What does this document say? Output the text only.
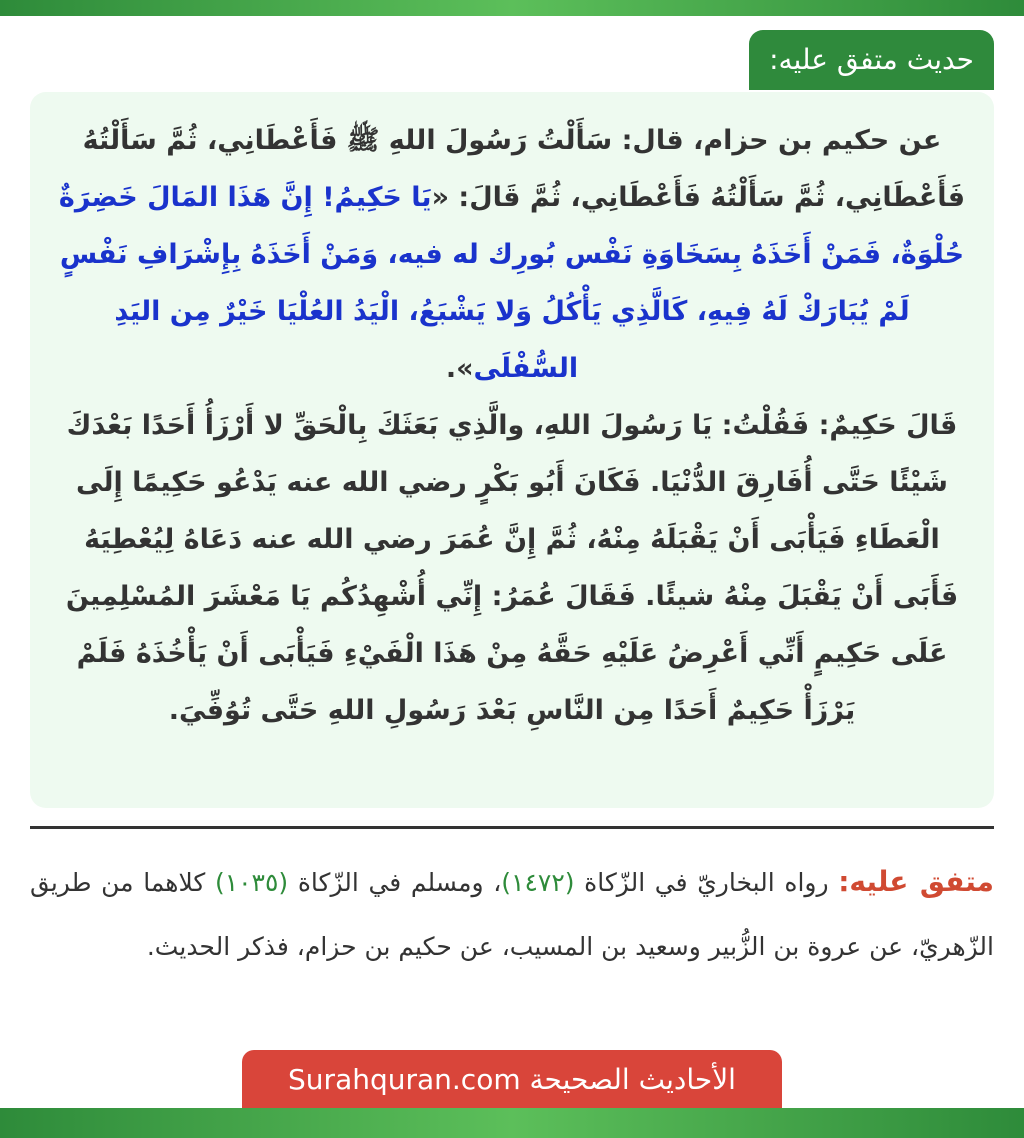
حديث متفق عليه:
عن حكيم بن حزام، قال: سَأَلْتُ رَسُولَ اللهِ ﷺ فَأَعْطَانِي، ثُمَّ سَأَلْتُهُ فَأَعْطَانِي، ثُمَّ سَأَلْتُهُ فَأَعْطَانِي، ثُمَّ قَالَ: «يَا حَكِيمُ! إِنَّ هَذَا المَالَ خَضِرَةٌ حُلْوَةٌ، فَمَنْ أَخَذَهُ بِسَخَاوَةِ نَفْس بُورِك له فيه، وَمَنْ أَخَذَهُ بِإِشْرَافِ نَفْسٍ لَمْ يُبَارَكْ لَهُ فِيهِ، كَالَّذِي يَأْكُلُ وَلا يَشْبَعُ، الْيَدُ العُلْيَا خَيْرٌ مِن اليَدِ السُّفْلَى».
قَالَ حَكِيمٌ: فَقُلْتُ: يَا رَسُولَ اللهِ، والَّذِي بَعَثَكَ بِالْحَقِّ لا أَرْزَأُ أَحَدًا بَعْدَكَ شَيْئًا حَتَّى أُفَارِقَ الدُّنْيَا. فَكَانَ أَبُو بَكْرٍ رضي الله عنه يَدْعُو حَكِيمًا إِلَى الْعَطَاءِ فَيَأْبَى أَنْ يَقْبَلَهُ مِنْهُ، ثُمَّ إِنَّ عُمَرَ رضي الله عنه دَعَاهُ لِيُعْطِيَهُ فَأَبَى أَنْ يَقْبَلَ مِنْهُ شيئًا. فَقَالَ عُمَرُ: إِنِّي أُشْهِدُكُم يَا مَعْشَرَ المُسْلِمِينَ عَلَى حَكِيمٍ أَنِّي أَعْرِضُ عَلَيْهِ حَقَّهُ مِنْ هَذَا الْفَيْءِ فَيَأْبَى أَنْ يَأْخُذَهُ فَلَمْ يَرْزَأْ حَكِيمٌ أَحَدًا مِن النَّاسِ بَعْدَ رَسُولِ اللهِ حَتَّى تُوُفِّيَ.
متفق عليه: رواه البخاريّ في الزّكاة (١٤٧٢)، ومسلم في الزّكاة (١٠٣٥) كلاهما من طريق الزّهريّ، عن عروة بن الزُّبير وسعيد بن المسيب، عن حكيم بن حزام، فذكر الحديث.
الأحاديث الصحيحة Surahquran.com
